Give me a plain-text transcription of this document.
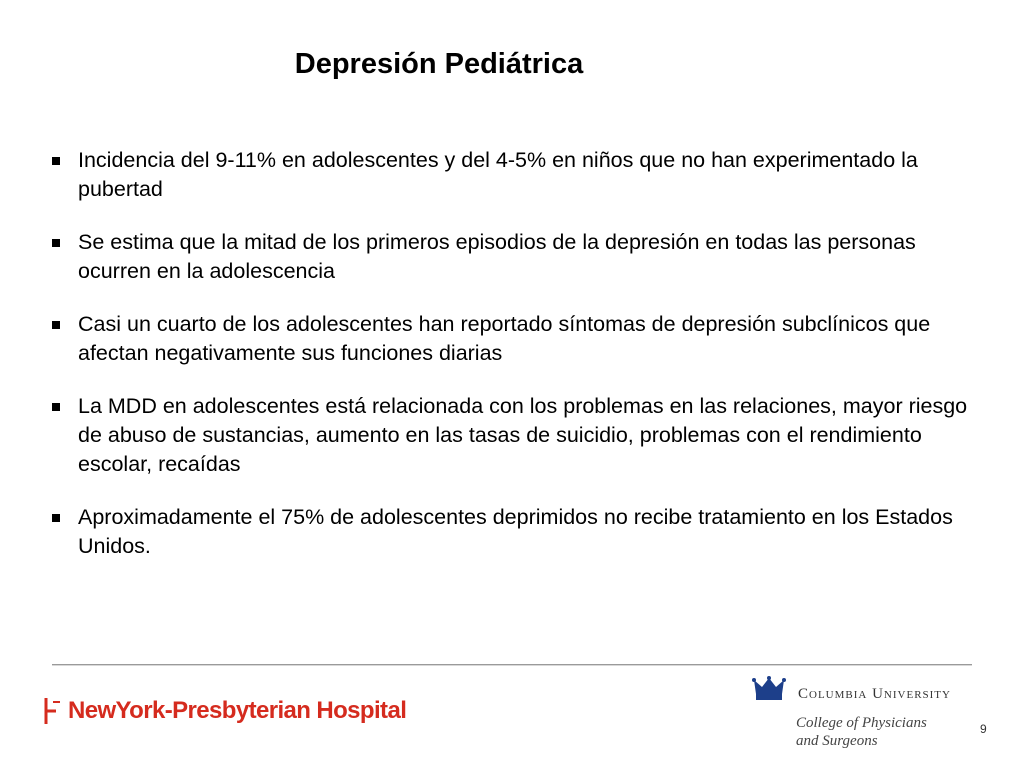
Depresión Pediátrica
Incidencia del 9-11% en adolescentes y del 4-5% en niños que no han experimentado la pubertad
Se estima que la mitad de los primeros episodios de la depresión en todas las personas ocurren en la adolescencia
Casi un cuarto de los adolescentes han reportado síntomas de depresión subclínicos que afectan negativamente sus funciones diarias
La MDD en adolescentes está relacionada con los problemas en las relaciones, mayor riesgo de abuso de sustancias, aumento en las tasas de suicidio, problemas con el rendimiento escolar, recaídas
Aproximadamente el 75% de adolescentes deprimidos no recibe tratamiento en los Estados Unidos.
NewYork-Presbyterian Hospital
Columbia University
College of Physicians
and Surgeons
9
